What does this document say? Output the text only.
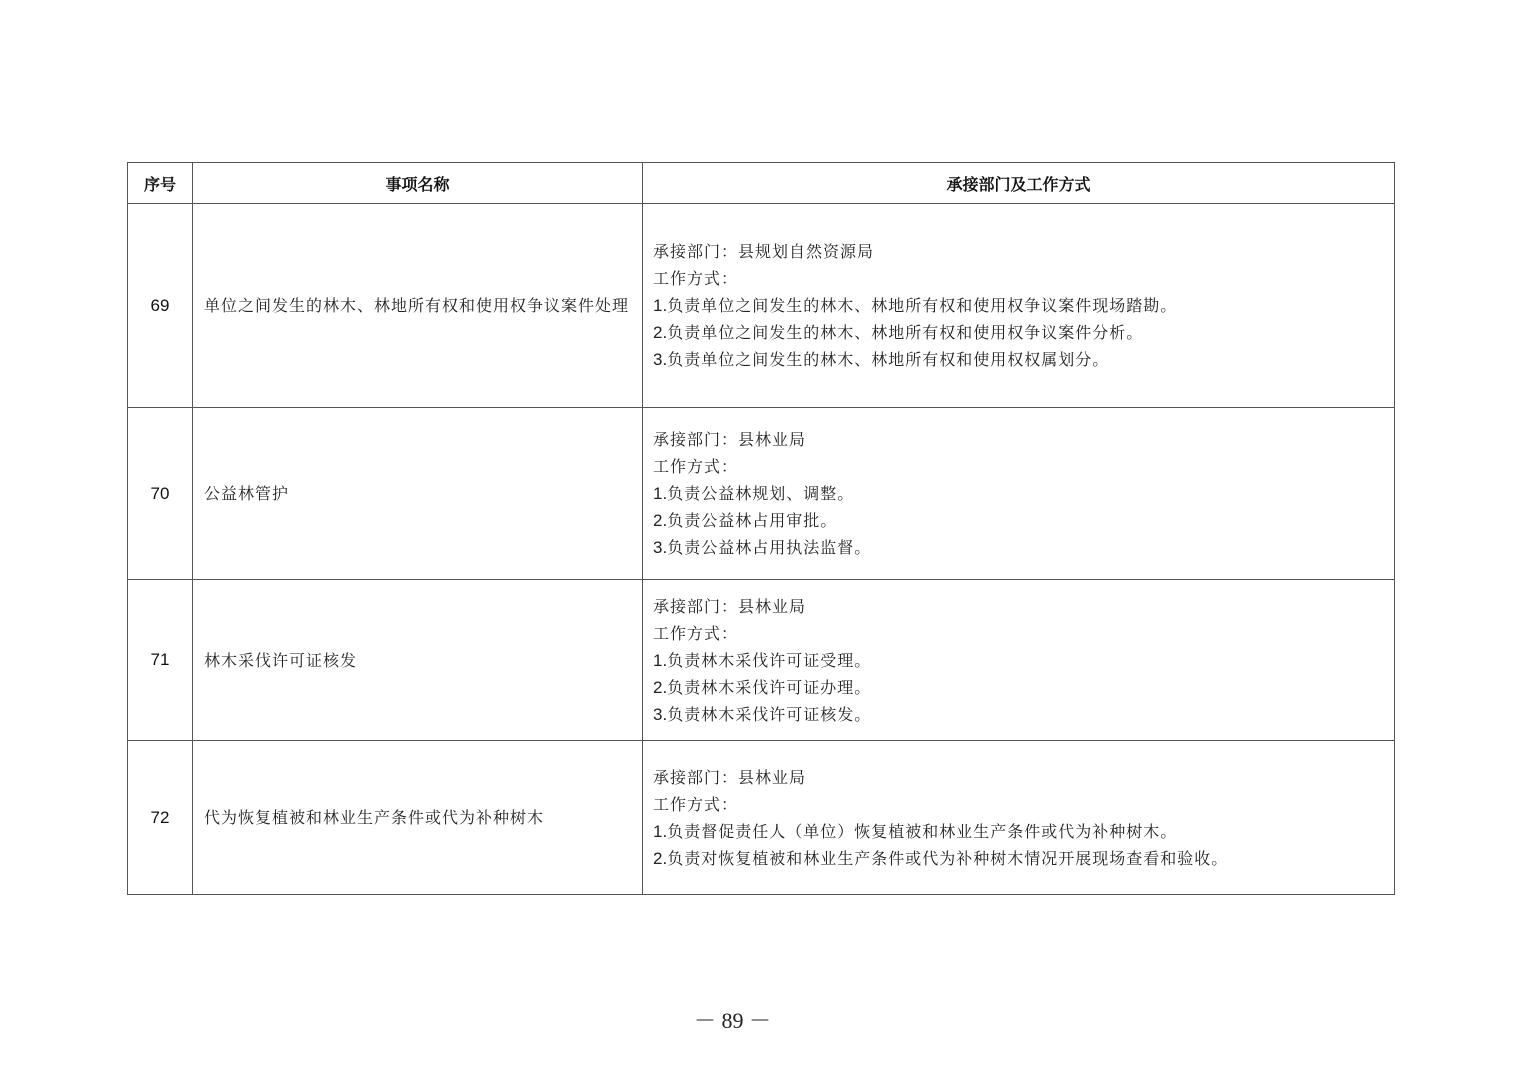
序号	事项名称	承接部门及工作方式
69	单位之间发生的林木、林地所有权和使用权争议案件处理	承接部门：县规划自然资源局
工作方式：
1.负责单位之间发生的林木、林地所有权和使用权争议案件现场踏勘。
2.负责单位之间发生的林木、林地所有权和使用权争议案件分析。
3.负责单位之间发生的林木、林地所有权和使用权权属划分。

70	公益林管护	承接部门：县林业局
工作方式：
1.负责公益林规划、调整。
2.负责公益林占用审批。
3.负责公益林占用执法监督。

71	林木采伐许可证核发	承接部门：县林业局
工作方式：
1.负责林木采伐许可证受理。
2.负责林木采伐许可证办理。
3.负责林木采伐许可证核发。

72	代为恢复植被和林业生产条件或代为补种树木	承接部门：县林业局
工作方式：
1.负责督促责任人（单位）恢复植被和林业生产条件或代为补种树木。
2.负责对恢复植被和林业生产条件或代为补种树木情况开展现场查看和验收。
－ 89 －
